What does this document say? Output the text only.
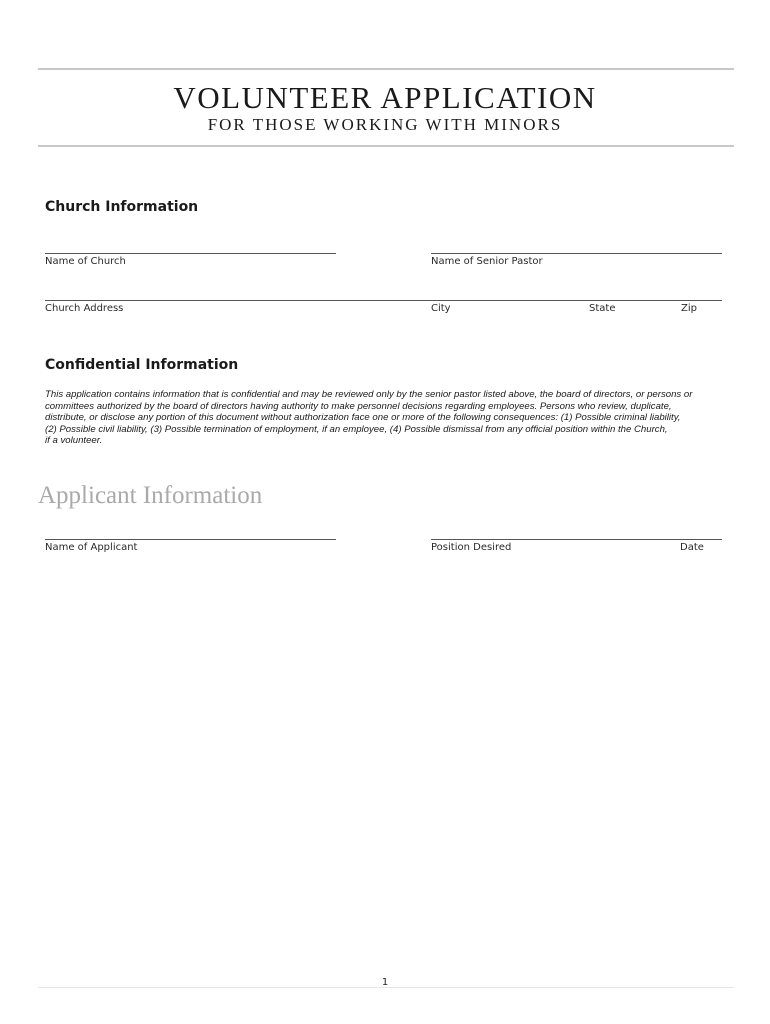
VOLUNTEER APPLICATION
FOR THOSE WORKING WITH MINORS
Church Information
Name of Church	Name of Senior Pastor
Church Address	City	State	Zip
Confidential Information

This application contains information that is confidential and may be reviewed only by the senior pastor listed above, the board of directors, or persons or
committees authorized by the board of directors having authority to make personnel decisions regarding employees. Persons who review, duplicate,
distribute, or disclose any portion of this document without authorization face one or more of the following consequences: (1) Possible criminal liability,
(2) Possible civil liability, (3) Possible termination of employment, if an employee, (4) Possible dismissal from any official position within the Church,
if a volunteer.

Applicant Information
Name of Applicant	Position Desired	Date
1
